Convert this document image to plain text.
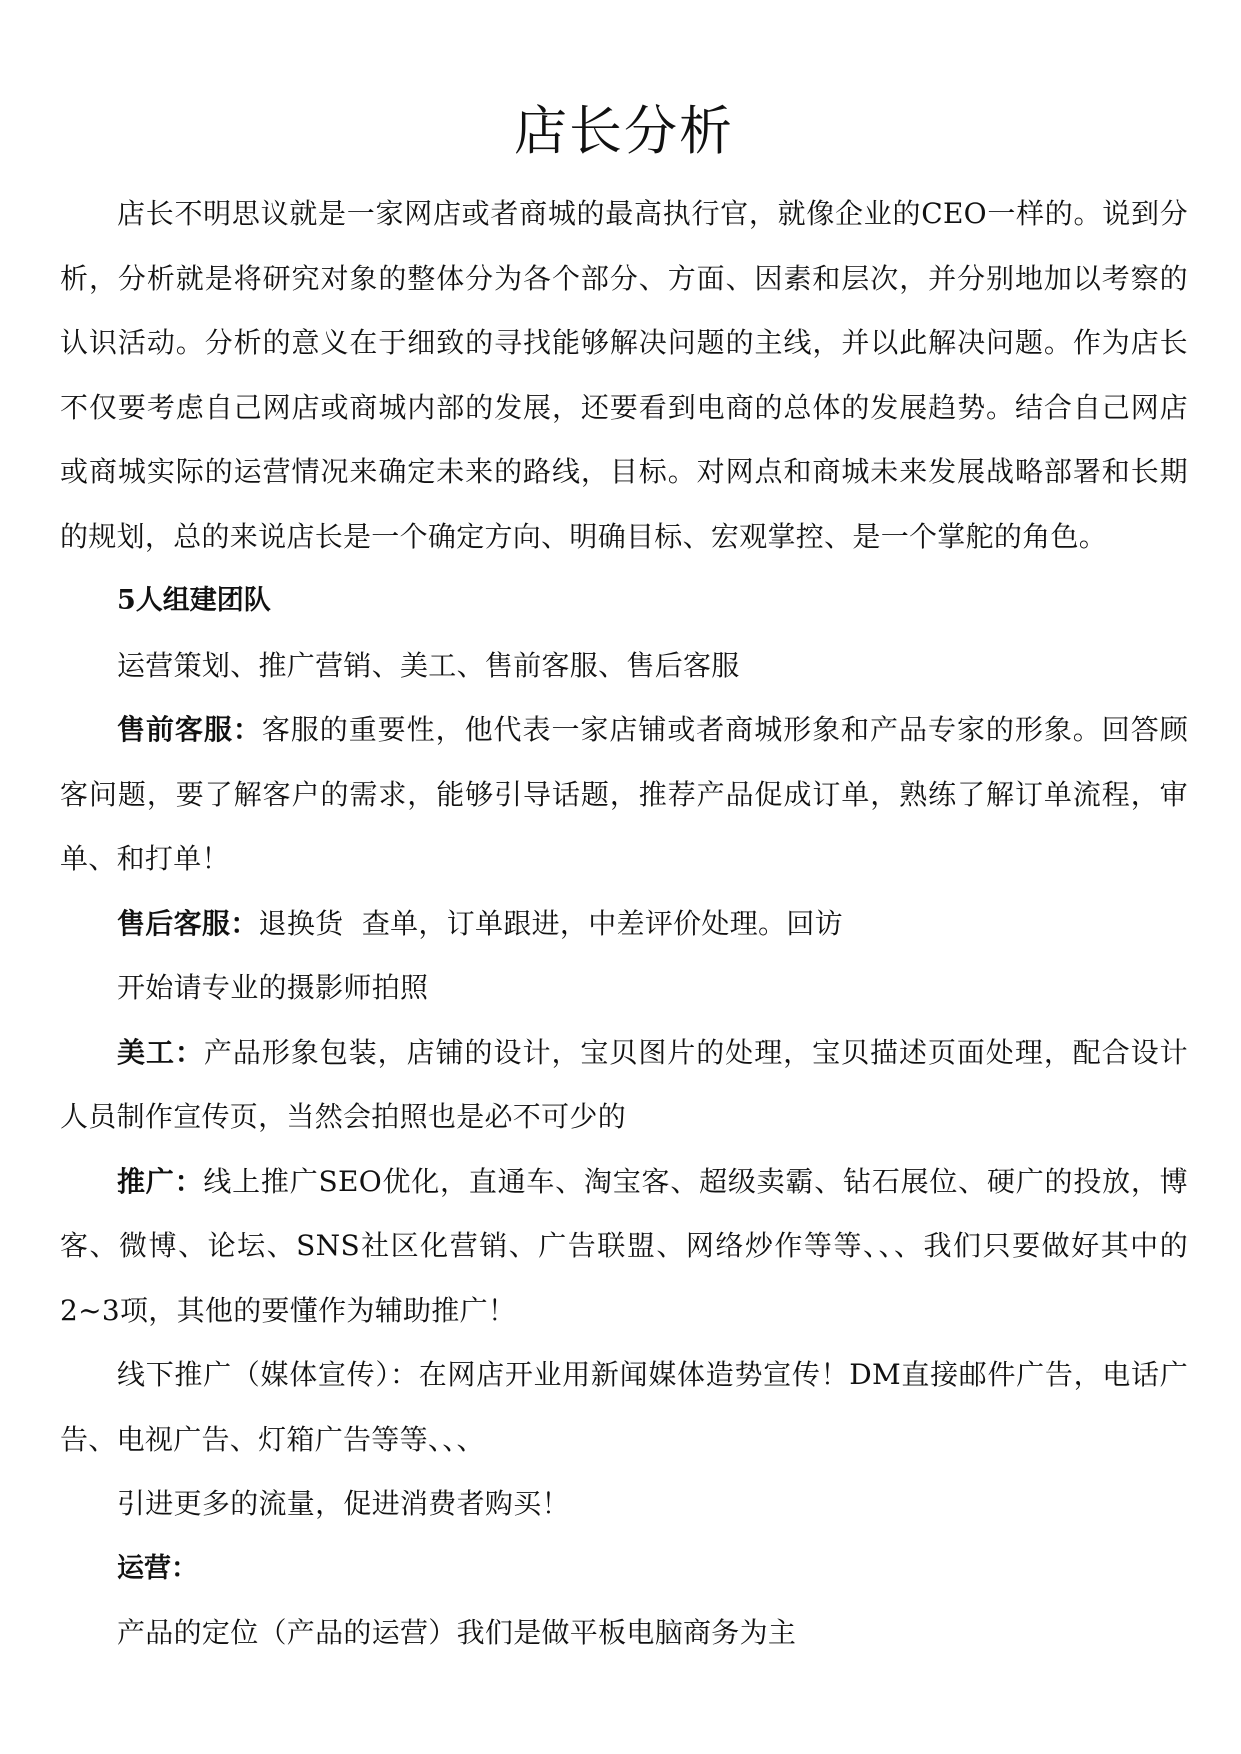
店长分析

店长不明思议就是一家网店或者商城的最高执行官，就像企业的CEO一样的。说到分析，分析就是将研究对象的整体分为各个部分、方面、因素和层次，并分别地加以考察的认识活动。分析的意义在于细致的寻找能够解决问题的主线，并以此解决问题。作为店长不仅要考虑自己网店或商城内部的发展，还要看到电商的总体的发展趋势。结合自己网店或商城实际的运营情况来确定未来的路线，目标。对网点和商城未来发展战略部署和长期的规划，总的来说店长是一个确定方向、明确目标、宏观掌控、是一个掌舵的角色。

5人组建团队

运营策划、推广营销、美工、售前客服、售后客服

售前客服：客服的重要性，他代表一家店铺或者商城形象和产品专家的形象。回答顾客问题，要了解客户的需求，能够引导话题，推荐产品促成订单，熟练了解订单流程，审单、和打单！

售后客服：退换货  查单，订单跟进，中差评价处理。回访

开始请专业的摄影师拍照

美工：产品形象包装，店铺的设计，宝贝图片的处理，宝贝描述页面处理，配合设计人员制作宣传页，当然会拍照也是必不可少的

推广：线上推广SEO优化，直通车、淘宝客、超级卖霸、钻石展位、硬广的投放，博客、微博、论坛、SNS社区化营销、广告联盟、网络炒作等等、、、我们只要做好其中的2~3项，其他的要懂作为辅助推广！

线下推广（媒体宣传）：在网店开业用新闻媒体造势宣传！DM直接邮件广告，电话广告、电视广告、灯箱广告等等、、、

引进更多的流量，促进消费者购买！

运营：

产品的定位（产品的运营）我们是做平板电脑商务为主
